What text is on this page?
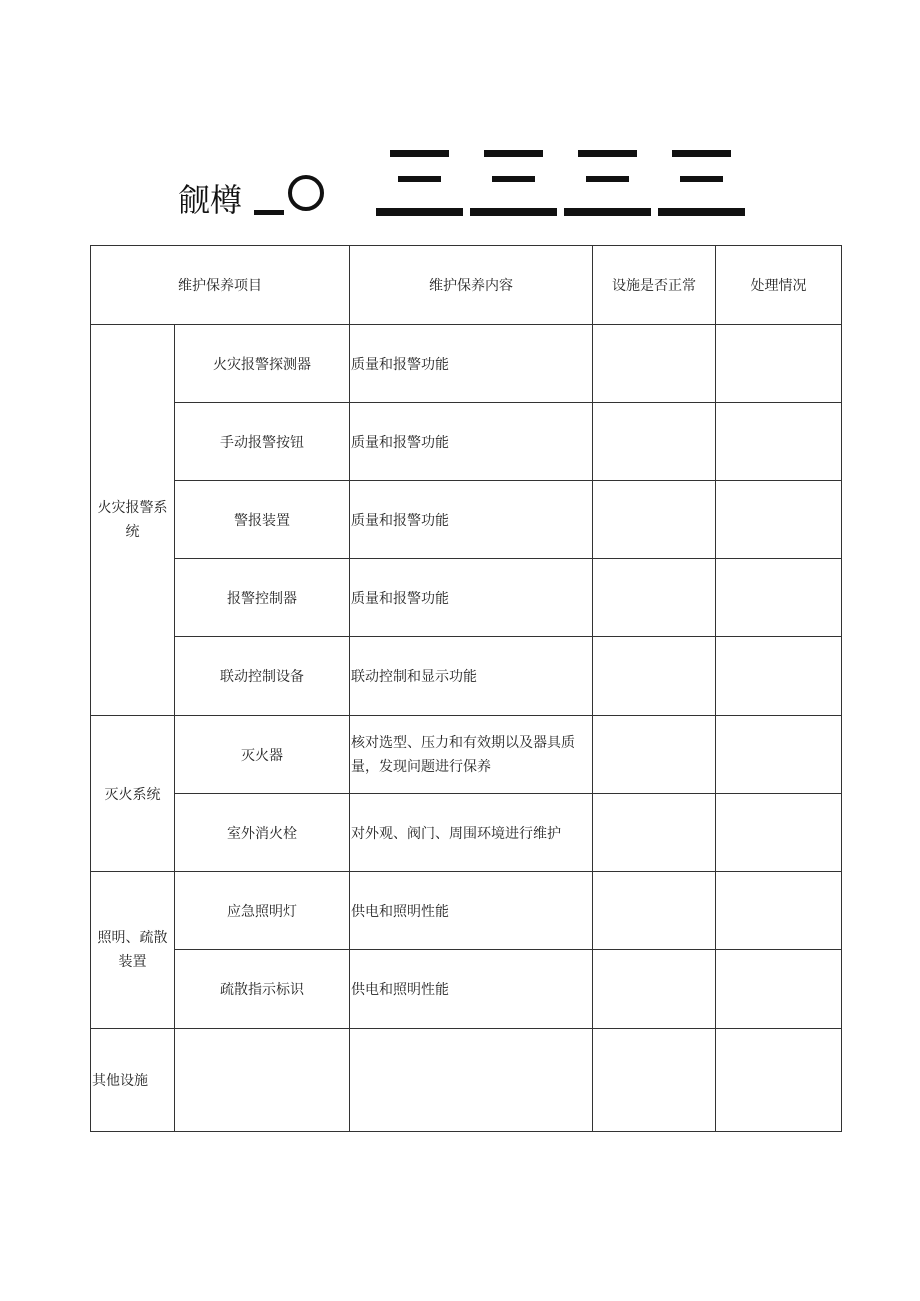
觎樽
维护保养项目		维护保养内容	设施是否正常	处理情况
火灾报警系统	火灾报警探测器	质量和报警功能		
	手动报警按钮	质量和报警功能		
	警报装置	质量和报警功能		
	报警控制器	质量和报警功能		
	联动控制设备	联动控制和显示功能		
灭火系统	灭火器	核对选型、压力和有效期以及器具质量，发现问题进行保养		
	室外消火栓	对外观、阀门、周围环境进行维护		
照明、疏散装置	应急照明灯	供电和照明性能		
	疏散指示标识	供电和照明性能		
其他设施				
